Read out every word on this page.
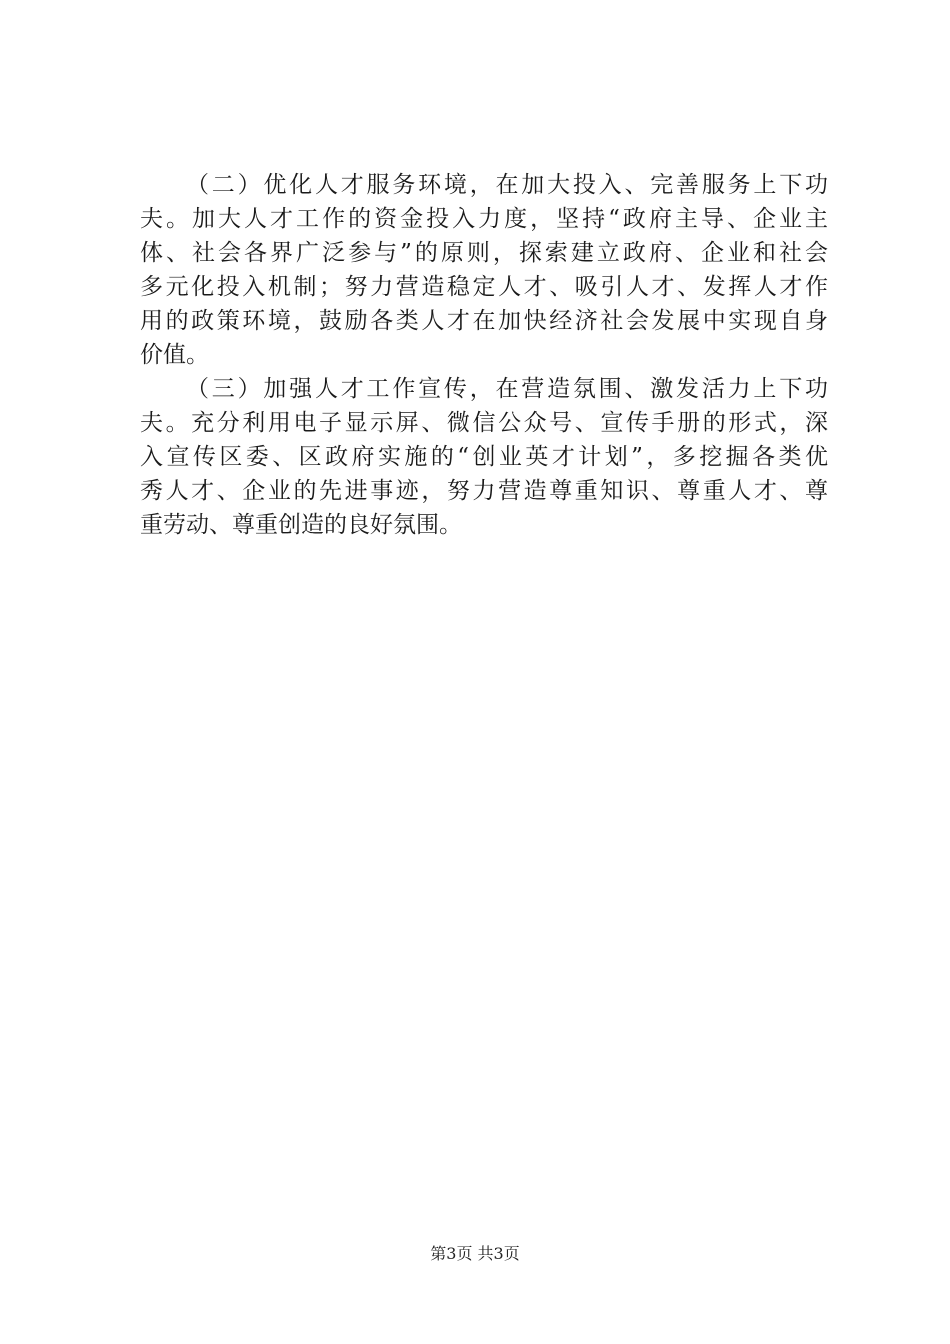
（二）优化人才服务环境，在加大投入、完善服务上下功
夫。加大人才工作的资金投入力度，坚持“政府主导、企业主
体、社会各界广泛参与”的原则，探索建立政府、企业和社会
多元化投入机制；努力营造稳定人才、吸引人才、发挥人才作
用的政策环境，鼓励各类人才在加快经济社会发展中实现自身
价值。
（三）加强人才工作宣传，在营造氛围、激发活力上下功
夫。充分利用电子显示屏、微信公众号、宣传手册的形式，深
入宣传区委、区政府实施的“创业英才计划”，多挖掘各类优
秀人才、企业的先进事迹，努力营造尊重知识、尊重人才、尊
重劳动、尊重创造的良好氛围。
第3页 共3页
